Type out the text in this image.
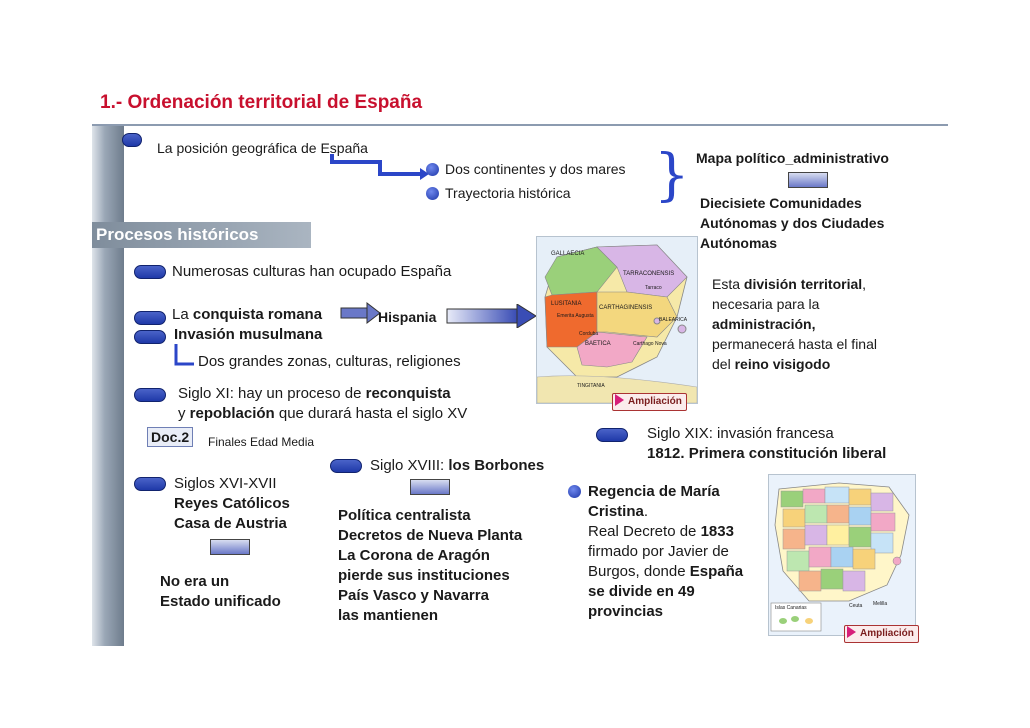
1.- Ordenación territorial de España
La posición geográfica de España
Dos continentes y dos mares
Trayectoria histórica } Mapa político_administrativo
Diecisiete Comunidades
Autónomas y dos Ciudades
Autónomas
Procesos históricos
Esta división territorial,
necesaria para la
administración,
permanecerá hasta el final
del reino visigodo
Numerosas culturas han ocupado España
La conquista romana	Hispania
Invasión musulmana
Dos grandes zonas, culturas, religiones
Siglo XI: hay un proceso de reconquista
y repoblación que durará hasta el siglo XV
Doc.2	Finales Edad Media
GALLAECIA
TARRACONENSIS
LUSITANIA
CARTHAGINENSIS
BAETICA
BALEARICA
TINGITANIA
Tarraco
Emerita Augusta
Corduba
Carthago Nova
Ampliación
Siglo XIX: invasión francesa
1812. Primera constitución liberal
Siglo XVIII: los Borbones
Política centralista
Decretos de Nueva Planta
La Corona de Aragón
pierde sus instituciones
País Vasco y Navarra
las mantienen
Siglos XVI-XVII
Reyes Católicos
Casa de Austria
No era un
Estado unificado
Regencia de María
Cristina.
Real Decreto de 1833
firmado por Javier de
Burgos, donde España
se divide en 49
provincias	Islas Canarias	Ceuta Melilla
Ampliación
